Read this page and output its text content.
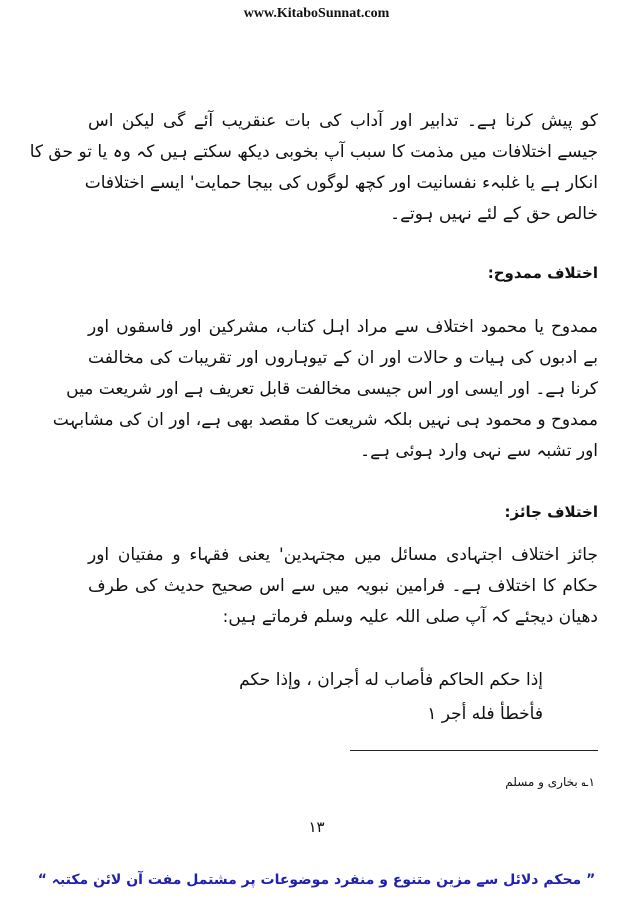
www.KitaboSunnat.com
کو پیش کرنا ہے۔ تدابیر اور آداب کی بات عنقریب آئے گی لیکن اس
جیسے اختلافات میں مذمت کا سبب آپ بخوبی دیکھ سکتے ہیں کہ وہ یا تو حق کا
انکار ہے یا غلبہء نفسانیت اور کچھ لوگوں کی بیجا حمایت' ایسے اختلافات
خالص حق کے لئے نہیں ہوتے۔
اختلاف ممدوح:
ممدوح یا محمود اختلاف سے مراد اہل کتاب، مشرکین اور فاسقوں اور
بے ادبوں کی ہیات و حالات اور ان کے تیوہاروں اور تقریبات کی مخالفت
کرنا ہے۔ اور ایسی اور اس جیسی مخالفت قابل تعریف ہے اور شریعت میں
ممدوح و محمود ہی نہیں بلکہ شریعت کا مقصد بھی ہے، اور ان کی مشابہت
اور تشبہ سے نہی وارد ہوئی ہے۔
اختلاف جائز:
جائز اختلاف اجتہادی مسائل میں مجتہدین' یعنی فقہاء و مفتیان اور
حکام کا اختلاف ہے۔ فرامین نبویہ میں سے اس صحیح حدیث کی طرف
دھیان دیجئے کہ آپ صلی اللہ علیہ وسلم فرماتے ہیں:
إذا حكم الحاكم فأصاب له أجران ، وإذا حكم
فأخطأ فله أجر ۱
۱؎ بخاری و مسلم
۱۳
” محکم دلائل سے مزین متنوع و منفرد موضوعات پر مشتمل مفت آن لائن مکتبہ “
